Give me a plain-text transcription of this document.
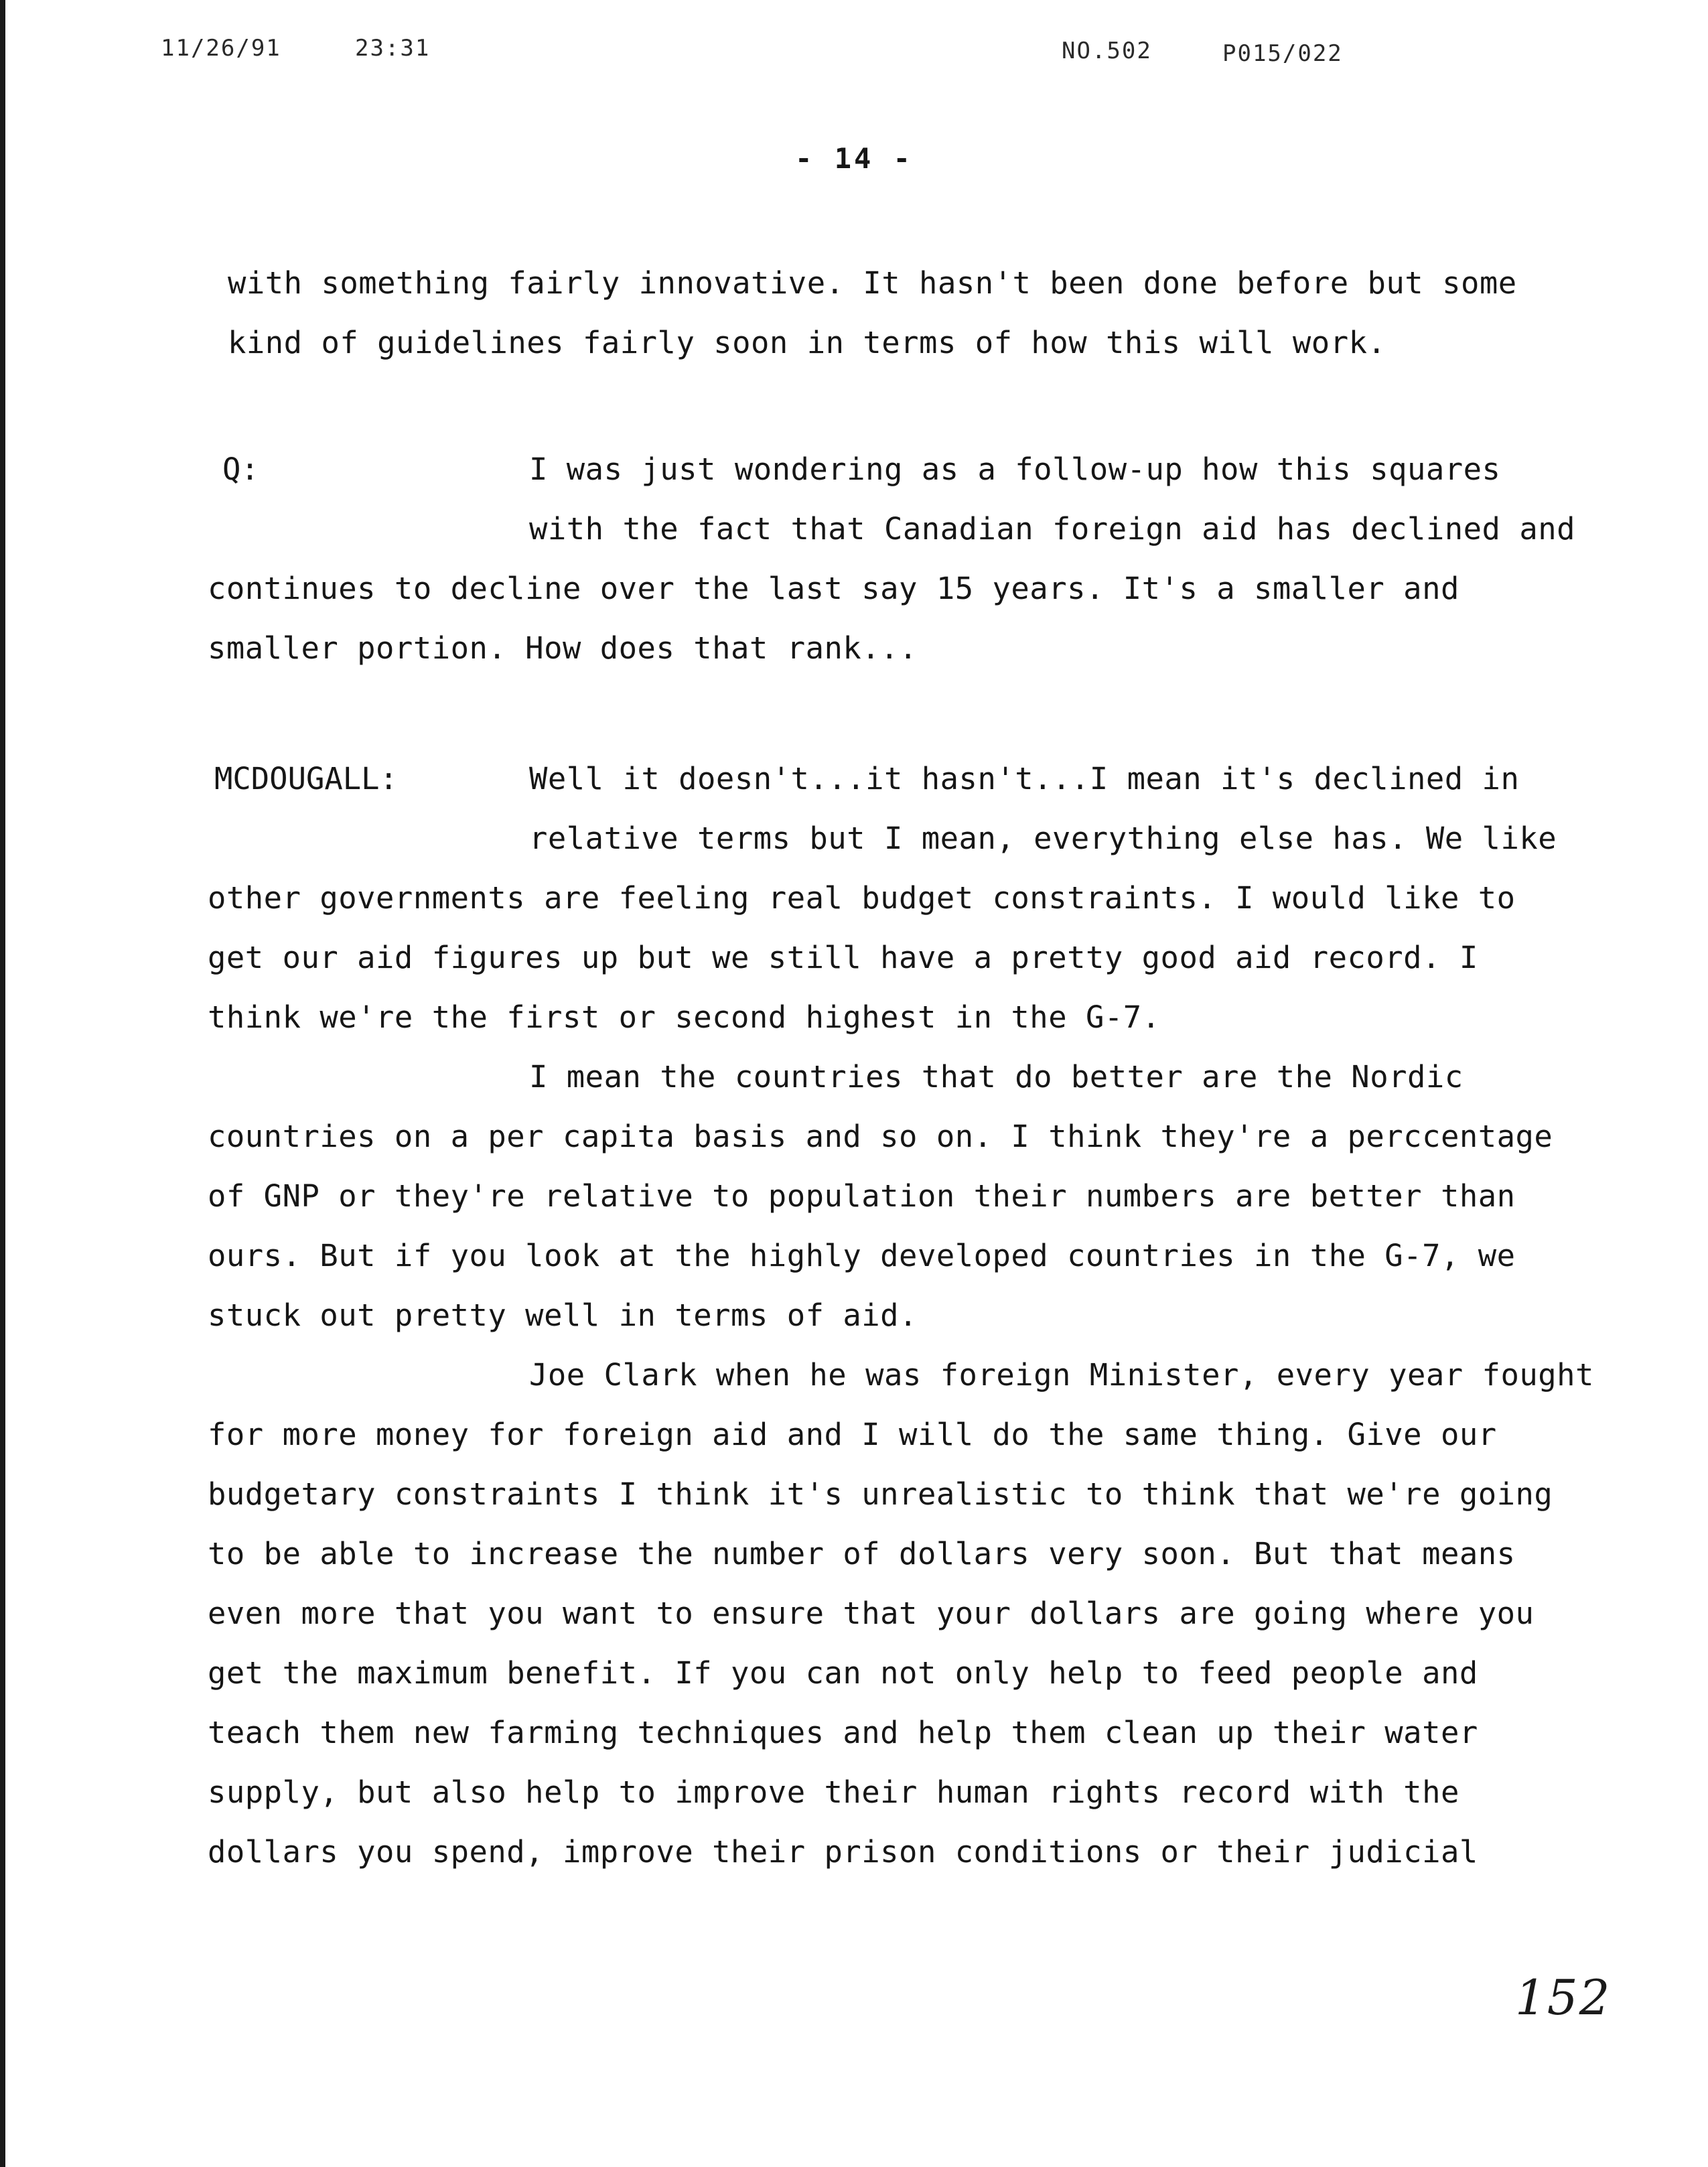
11/26/91	23:31	NO.502	P015/022
- 14 -
with something fairly innovative. It hasn't been done before but some
kind of guidelines fairly soon in terms of how this will work.
Q:	I was just wondering as a follow-up how this squares
with the fact that Canadian foreign aid has declined and
continues to decline over the last say 15 years. It's a smaller and
smaller portion. How does that rank...
MCDOUGALL:	Well it doesn't...it hasn't...I mean it's declined in
relative terms but I mean, everything else has. We like
other governments are feeling real budget constraints. I would like to
get our aid figures up but we still have a pretty good aid record. I
think we're the first or second highest in the G-7.
I mean the countries that do better are the Nordic
countries on a per capita basis and so on. I think they're a perccentage
of GNP or they're relative to population their numbers are better than
ours. But if you look at the highly developed countries in the G-7, we
stuck out pretty well in terms of aid.
Joe Clark when he was foreign Minister, every year fought
for more money for foreign aid and I will do the same thing. Give our
budgetary constraints I think it's unrealistic to think that we're going
to be able to increase the number of dollars very soon. But that means
even more that you want to ensure that your dollars are going where you
get the maximum benefit. If you can not only help to feed people and
teach them new farming techniques and help them clean up their water
supply, but also help to improve their human rights record with the
dollars you spend, improve their prison conditions or their judicial
152
